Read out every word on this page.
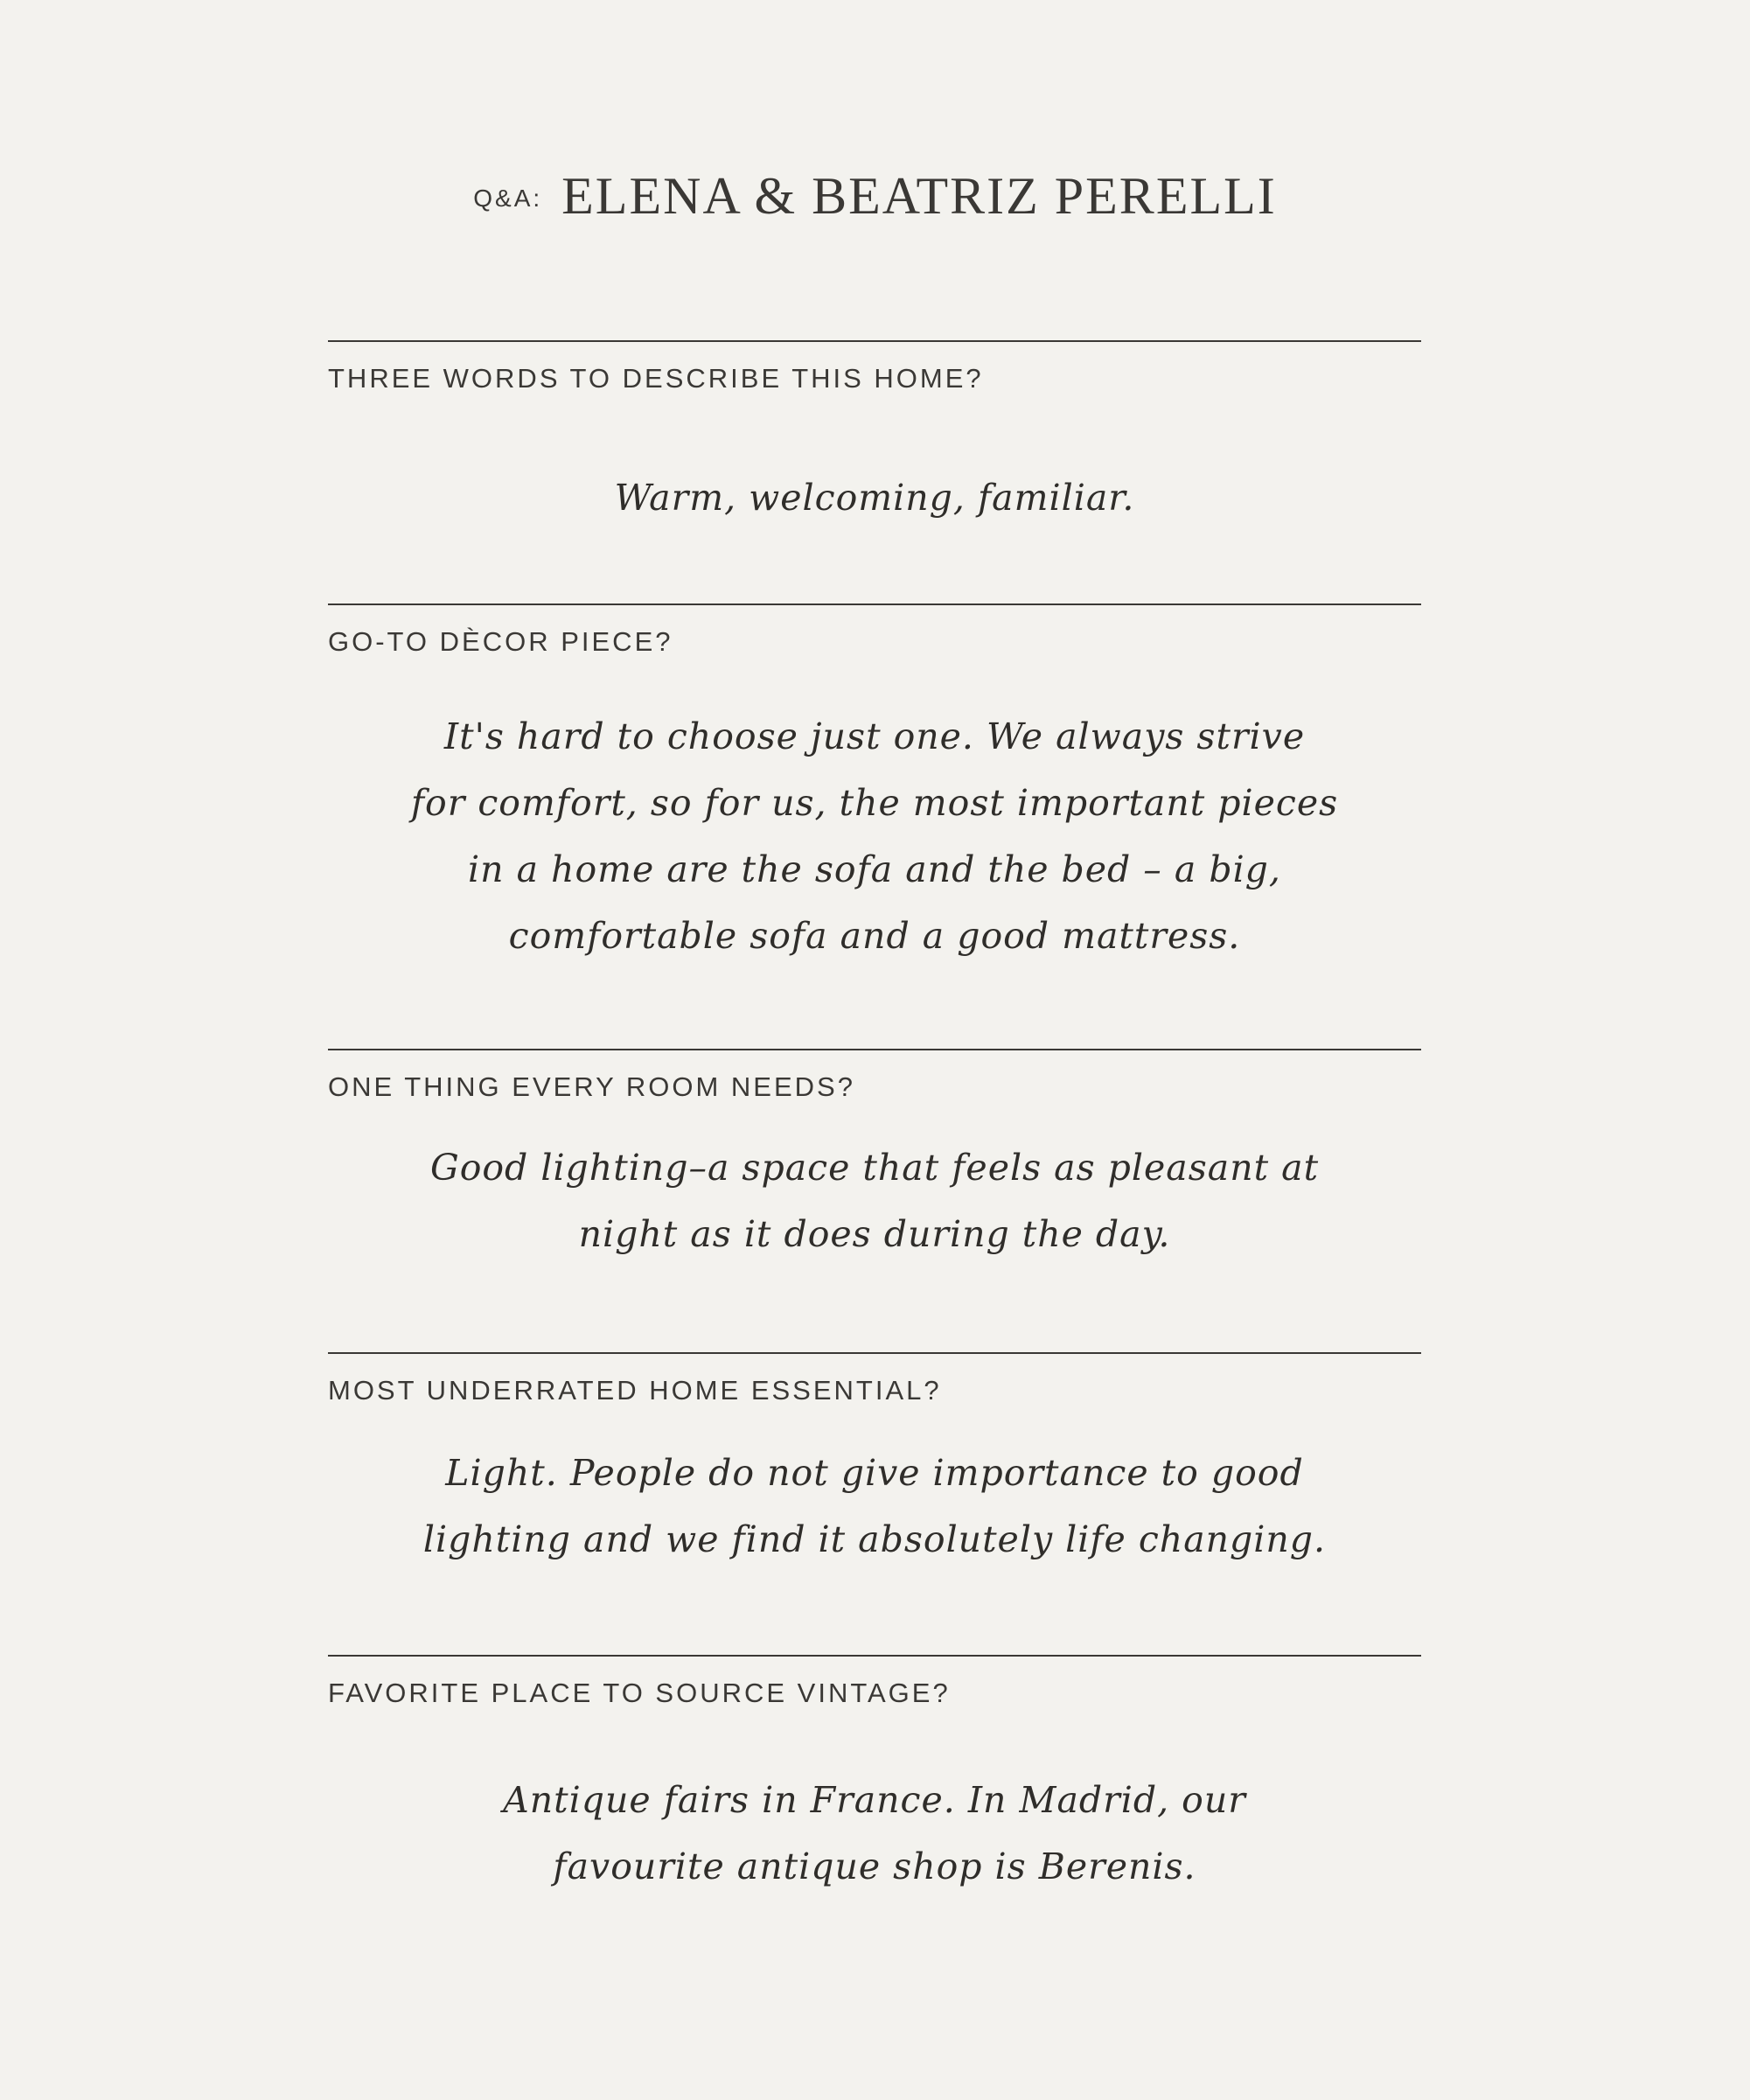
Q&A: ELENA & BEATRIZ PERELLI
THREE WORDS TO DESCRIBE THIS HOME?
Warm, welcoming, familiar.
GO-TO DÈCOR PIECE?
It's hard to choose just one. We always strive
for comfort, so for us, the most important pieces
in a home are the sofa and the bed – a big,
comfortable sofa and a good mattress.
ONE THING EVERY ROOM NEEDS?
Good lighting–a space that feels as pleasant at
night as it does during the day.
MOST UNDERRATED HOME ESSENTIAL?
Light. People do not give importance to good
lighting and we find it absolutely life changing.
FAVORITE PLACE TO SOURCE VINTAGE?
Antique fairs in France. In Madrid, our
favourite antique shop is Berenis.
